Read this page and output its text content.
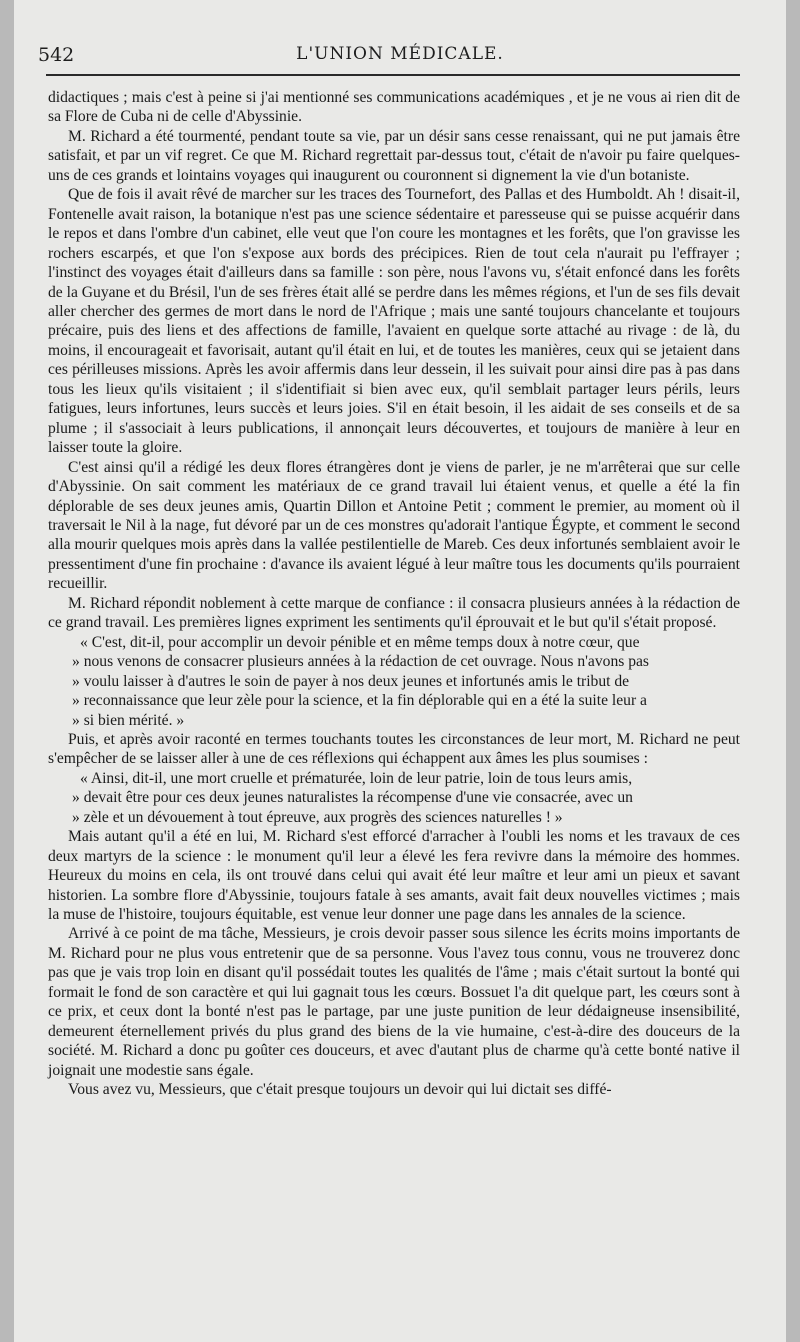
542	L'UNION MÉDICALE.

didactiques ; mais c'est à peine si j'ai mentionné ses communications académiques , et je ne vous ai rien dit de sa Flore de Cuba ni de celle d'Abyssinie.

M. Richard a été tourmenté, pendant toute sa vie, par un désir sans cesse renaissant, qui ne put jamais être satisfait, et par un vif regret. Ce que M. Richard regrettait par-dessus tout, c'était de n'avoir pu faire quelques-uns de ces grands et lointains voyages qui inaugurent ou couronnent si dignement la vie d'un botaniste.

Que de fois il avait rêvé de marcher sur les traces des Tournefort, des Pallas et des Humboldt. Ah ! disait-il, Fontenelle avait raison, la botanique n'est pas une science sédentaire et paresseuse qui se puisse acquérir dans le repos et dans l'ombre d'un cabinet, elle veut que l'on coure les montagnes et les forêts, que l'on gravisse les rochers escarpés, et que l'on s'expose aux bords des précipices. Rien de tout cela n'aurait pu l'effrayer ; l'instinct des voyages était d'ailleurs dans sa famille : son père, nous l'avons vu, s'était enfoncé dans les forêts de la Guyane et du Brésil, l'un de ses frères était allé se perdre dans les mêmes régions, et l'un de ses fils devait aller chercher des germes de mort dans le nord de l'Afrique ; mais une santé toujours chancelante et toujours précaire, puis des liens et des affections de famille, l'avaient en quelque sorte attaché au rivage : de là, du moins, il encourageait et favorisait, autant qu'il était en lui, et de toutes les manières, ceux qui se jetaient dans ces périlleuses missions. Après les avoir affermis dans leur dessein, il les suivait pour ainsi dire pas à pas dans tous les lieux qu'ils visitaient ; il s'identifiait si bien avec eux, qu'il semblait partager leurs périls, leurs fatigues, leurs infortunes, leurs succès et leurs joies. S'il en était besoin, il les aidait de ses conseils et de sa plume ; il s'associait à leurs publications, il annonçait leurs découvertes, et toujours de manière à leur en laisser toute la gloire.

C'est ainsi qu'il a rédigé les deux flores étrangères dont je viens de parler, je ne m'arrêterai que sur celle d'Abyssinie. On sait comment les matériaux de ce grand travail lui étaient venus, et quelle a été la fin déplorable de ses deux jeunes amis, Quartin Dillon et Antoine Petit ; comment le premier, au moment où il traversait le Nil à la nage, fut dévoré par un de ces monstres qu'adorait l'antique Égypte, et comment le second alla mourir quelques mois après dans la vallée pestilentielle de Mareb. Ces deux infortunés semblaient avoir le pressentiment d'une fin prochaine : d'avance ils avaient légué à leur maître tous les documents qu'ils pourraient recueillir.

M. Richard répondit noblement à cette marque de confiance : il consacra plusieurs années à la rédaction de ce grand travail. Les premières lignes expriment les sentiments qu'il éprouvait et le but qu'il s'était proposé.

« C'est, dit-il, pour accomplir un devoir pénible et en même temps doux à notre cœur, que

» nous venons de consacrer plusieurs années à la rédaction de cet ouvrage. Nous n'avons pas

» voulu laisser à d'autres le soin de payer à nos deux jeunes et infortunés amis le tribut de

» reconnaissance que leur zèle pour la science, et la fin déplorable qui en a été la suite leur a

» si bien mérité. »

Puis, et après avoir raconté en termes touchants toutes les circonstances de leur mort, M. Richard ne peut s'empêcher de se laisser aller à une de ces réflexions qui échappent aux âmes les plus soumises :

« Ainsi, dit-il, une mort cruelle et prématurée, loin de leur patrie, loin de tous leurs amis,

» devait être pour ces deux jeunes naturalistes la récompense d'une vie consacrée, avec un

» zèle et un dévouement à tout épreuve, aux progrès des sciences naturelles ! »

Mais autant qu'il a été en lui, M. Richard s'est efforcé d'arracher à l'oubli les noms et les travaux de ces deux martyrs de la science : le monument qu'il leur a élevé les fera revivre dans la mémoire des hommes. Heureux du moins en cela, ils ont trouvé dans celui qui avait été leur maître et leur ami un pieux et savant historien. La sombre flore d'Abyssinie, toujours fatale à ses amants, avait fait deux nouvelles victimes ; mais la muse de l'histoire, toujours équitable, est venue leur donner une page dans les annales de la science.

Arrivé à ce point de ma tâche, Messieurs, je crois devoir passer sous silence les écrits moins importants de M. Richard pour ne plus vous entretenir que de sa personne. Vous l'avez tous connu, vous ne trouverez donc pas que je vais trop loin en disant qu'il possédait toutes les qualités de l'âme ; mais c'était surtout la bonté qui formait le fond de son caractère et qui lui gagnait tous les cœurs. Bossuet l'a dit quelque part, les cœurs sont à ce prix, et ceux dont la bonté n'est pas le partage, par une juste punition de leur dédaigneuse insensibilité, demeurent éternellement privés du plus grand des biens de la vie humaine, c'est-à-dire des douceurs de la société. M. Richard a donc pu goûter ces douceurs, et avec d'autant plus de charme qu'à cette bonté native il joignait une modestie sans égale.

Vous avez vu, Messieurs, que c'était presque toujours un devoir qui lui dictait ses diffé-
